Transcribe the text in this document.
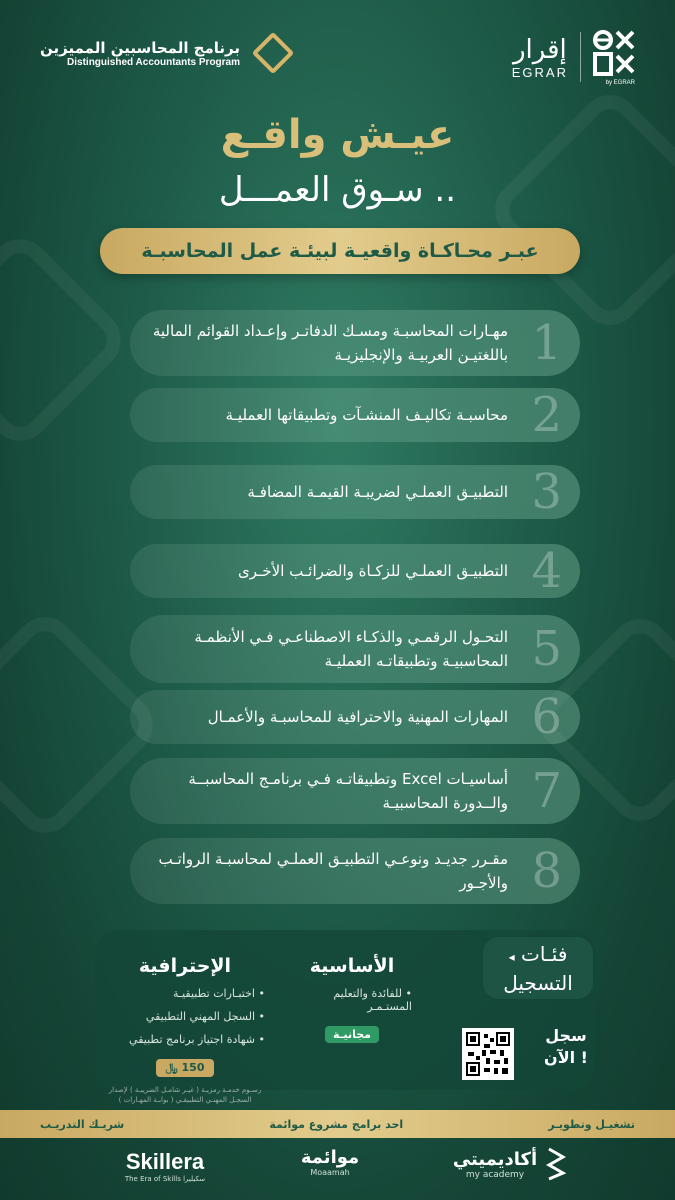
برنامج المحاسبين المميزين
Distinguished Accountants Program	إقرار
EGRAR
by EGRAR
عيـش واقـع
سـوق العمـــل ..
عبـر محـاكـاة واقعيـة لبيئـة عمل المحاسبـة
1
مهـارات المحاسبـة ومسـك الدفاتـر وإعـداد القوائم المالية باللغتيـن العربيـة والإنجليزيـة
2
محاسبـة تكاليـف المنشـآت وتطبيقاتها العمليـة
3
التطبيـق العملـي لضريبـة القيمـة المضافـة
4
التطبيـق العملـي للزكـاة والضرائـب الأخـرى
5
التحـول الرقمـي والذكـاء الاصطناعـي فـي الأنظمـة المحاسبيـة وتطبيقاتـه العمليـة
6
المهارات المهنية والاحترافية للمحاسبـة والأعمـال
7
أساسيـات Excel وتطبيقاتـه فـي برنامـج المحاسبــة والــدورة المحاسبيـة
8
مقـرر جديـد ونوعـي التطبيـق العملـي لمحاسبـة الرواتـب والأجـور
◂ فئـات التسجيل
الأساسية
• للفائدة والتعليم المستـمـر
مجانيـة
الإحترافية
• اختبـارات تطبيقيـة
• السجل المهني التطبيقي
• شهادة اجتياز برنامج تطبيقي
150 ﷼
رسـوم خدمـة رمزيـة ( غيـر شامـل الضريبـة ) لإصدار السجـل المهنـي التطبيقـي ( بوابـة المهـارات )
سجل الآن !
شريـك التدريـب	احد برامج مشروع موائمة	تشغيـل وتطويـر
Skillera
The Era of Skills سكيليرا
موائمة
Moaamah
أكاديميتي
my academy
